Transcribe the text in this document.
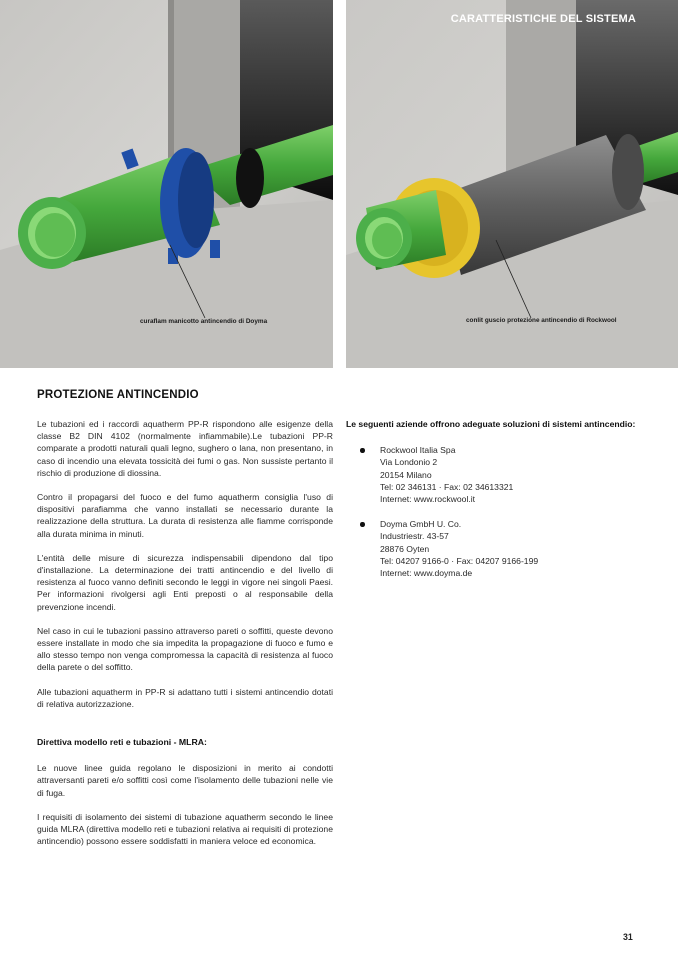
curaflam manicotto antincendio di Doyma	conlit guscio protezione antincendio di Rockwool
CARATTERISTICHE DEL SISTEMA
PROTEZIONE ANTINCENDIO

Le tubazioni ed i raccordi aquatherm PP-R rispondono alle esigenze della classe B2 DIN 4102 (normalmente infiammabile).Le tubazioni PP-R comparate a prodotti naturali quali legno, sughero o lana, non presentano, in caso di incendio una elevata tossicità dei fumi o gas. Non sussiste pertanto il rischio di produzione di diossina.

Contro il propagarsi del fuoco e del fumo aquatherm consiglia l'uso di dispositivi parafiamma che vanno installati se necessario durante la realizzazione della struttura. La durata di resistenza alle fiamme corrisponde alla durata minima in minuti.

L'entità delle misure di sicurezza indispensabili dipendono dal tipo d'installazione. La determinazione dei tratti antincendio e del livello di resistenza al fuoco vanno definiti secondo le leggi in vigore nei singoli Paesi. Per informazioni rivolgersi agli Enti preposti o al responsabile della prevenzione incendi.

Nel caso in cui le tubazioni passino attraverso pareti o soffitti, queste devono essere installate in modo che sia impedita la propagazione di fuoco e fumo e allo stesso tempo non venga compromessa la capacità di resistenza al fuoco della parete o del soffitto.

Alle tubazioni aquatherm in PP-R si adattano tutti i sistemi antincendio dotati di relativa autorizzazione.

Direttiva modello reti e tubazioni - MLRA:

Le nuove linee guida regolano le disposizioni in merito ai condotti attraversanti pareti e/o soffitti così come l'isolamento delle tubazioni nelle vie di fuga.

I requisiti di isolamento dei sistemi di tubazione aquatherm secondo le linee guida MLRA (direttiva modello reti e tubazioni relativa ai requisiti di protezione antincendio) possono essere soddisfatti in maniera veloce ed economica.

Le seguenti aziende offrono adeguate soluzioni di sistemi antincendio:
Rockwool Italia Spa
Via Londonio 2
20154 Milano
Tel: 02 346131 · Fax: 02 34613321
Internet: www.rockwool.it
Doyma GmbH U. Co.
Industriestr. 43-57
28876 Oyten
Tel: 04207 9166-0 · Fax: 04207 9166-199
Internet: www.doyma.de
31
